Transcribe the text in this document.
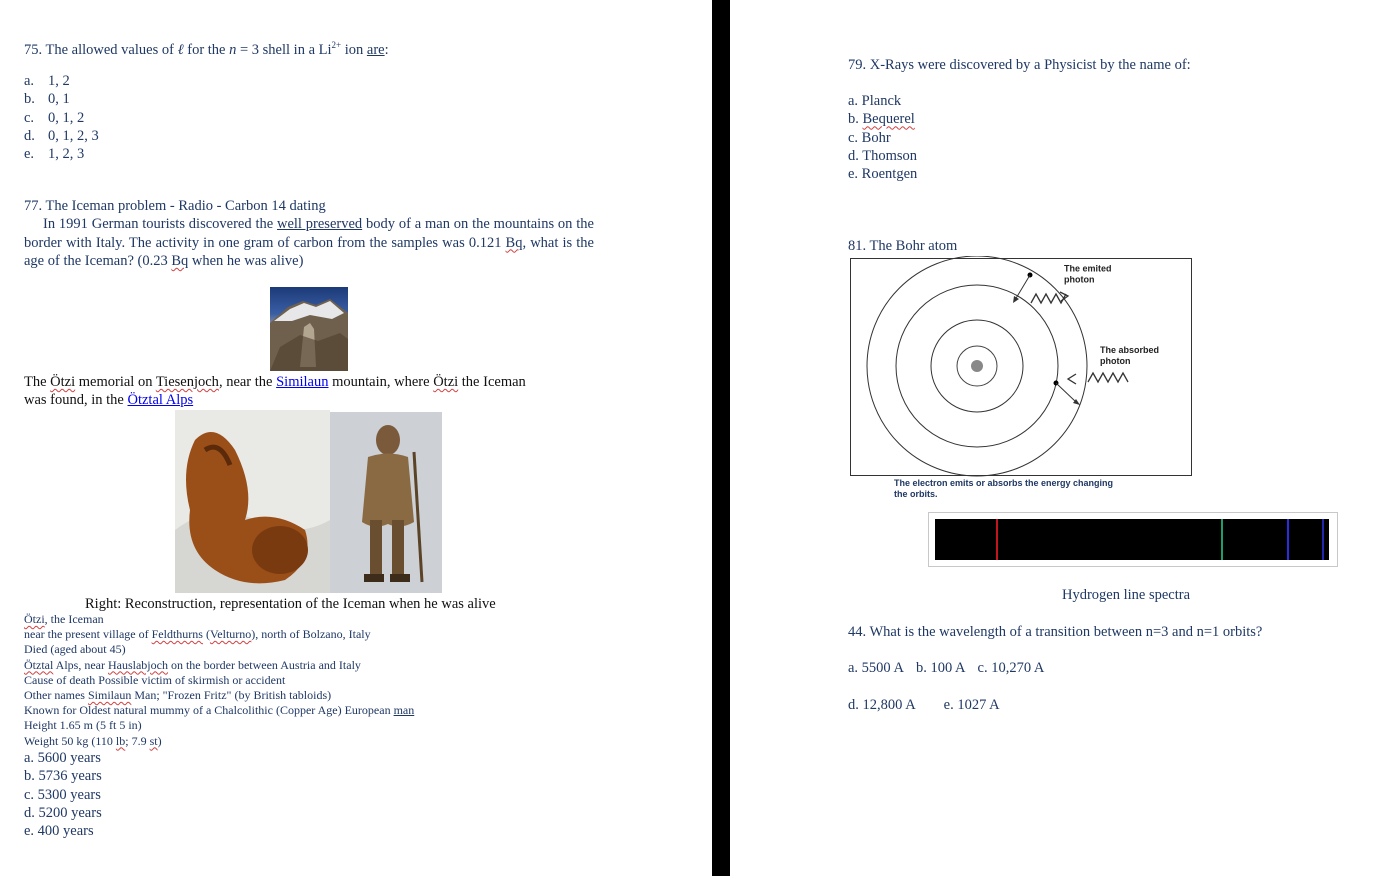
75. The allowed values of ℓ for the n = 3 shell in a $Li^{2+}$ ion are:
a. 1, 2
b. 0, 1
c. 0, 1, 2
d. 0, 1, 2, 3
e. 1, 2, 3
77. The Iceman problem - Radio - Carbon 14 dating
In 1991 German tourists discovered the well preserved body of a man on the mountains on the border with Italy. The activity in one gram of carbon from the samples was 0.121 Bq, what is the age of the Iceman? (0.23 Bq when he was alive)
The Ötzi memorial on Tiesenjoch, near the Similaun mountain, where Ötzi the Iceman
was found, in the Ötztal Alps
Right: Reconstruction, representation of the Iceman when he was alive
Ötzi, the Iceman
near the present village of Feldthurns (Velturno), north of Bolzano, Italy
Died (aged about 45)
Ötztal Alps, near Hauslabjoch on the border between Austria and Italy
Cause of death Possible victim of skirmish or accident
Other names Similaun Man; "Frozen Fritz" (by British tabloids)
Known for Oldest natural mummy of a Chalcolithic (Copper Age) European man
Height 1.65 m (5 ft 5 in)
Weight 50 kg (110 lb; 7.9 st)
a. 5600 years
b. 5736 years
c. 5300 years
d. 5200 years
e. 400 years
79. X-Rays were discovered by a Physicist by the name of:
a. Planck
b. Bequerel
c. Bohr
d. Thomson
e. Roentgen
81. The Bohr atom
The emited
photon
The absorbed
photon
The electron emits or absorbs the energy changing
the orbits.
Hydrogen line spectra
44. What is the wavelength of a transition between n=3 and n=1 orbits?
a. 5500 A b. 100 A c. 10,270 A
d. 12,800 A e. 1027 A
